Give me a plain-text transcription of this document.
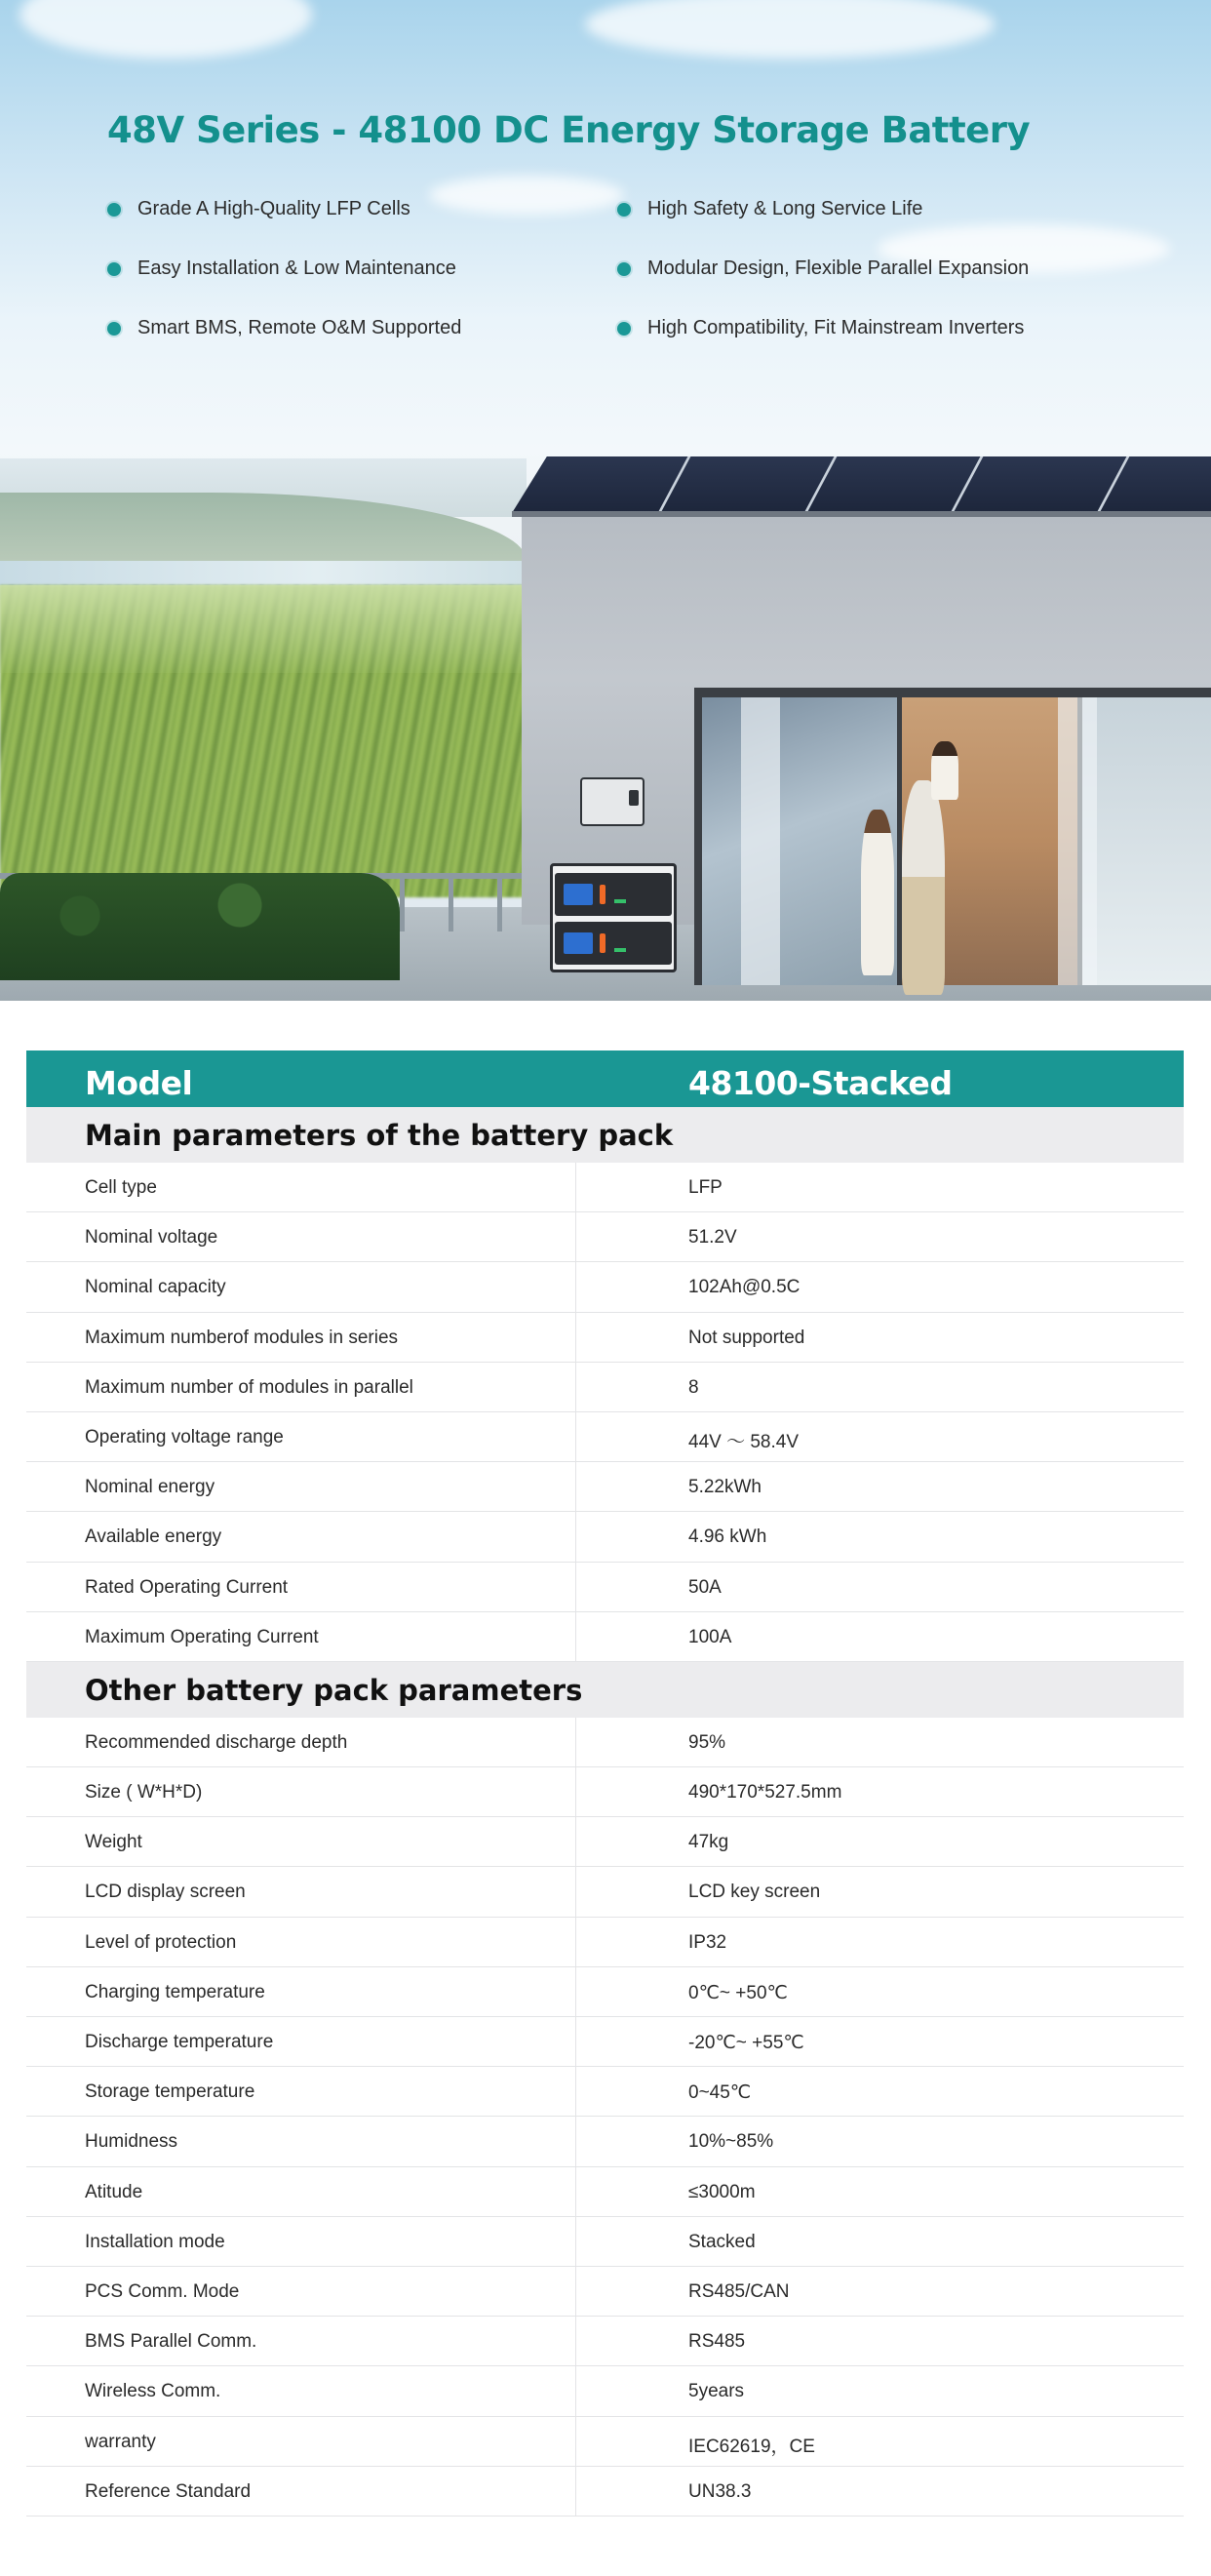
48V Series - 48100 DC Energy Storage Battery
Grade A High-Quality LFP Cells
Easy Installation & Low Maintenance
Smart BMS, Remote O&M Supported
High Safety & Long Service Life
Modular Design, Flexible Parallel Expansion
High Compatibility, Fit Mainstream Inverters
Model	48100-Stacked
Main parameters of the battery pack
Cell type	LFP
Nominal voltage	51.2V
Nominal capacity	102Ah@0.5C
Maximum numberof modules in series	Not supported
Maximum number of modules in parallel	8
Operating voltage range	44V ～ 58.4V
Nominal energy	5.22kWh
Available energy	4.96 kWh
Rated Operating Current	50A
Maximum Operating Current	100A
Other battery pack parameters
Recommended discharge depth	95%
Size ( W*H*D)	490*170*527.5mm
Weight	47kg
LCD display screen	LCD key screen
Level of protection	IP32
Charging temperature	0℃~ +50℃
Discharge temperature	-20℃~ +55℃
Storage temperature	0~45℃
Humidness	10%~85%
Atitude	≤3000m
Installation mode	Stacked
PCS Comm. Mode	RS485/CAN
BMS Parallel Comm.	RS485
Wireless Comm.	5years
warranty	IEC62619，CE
Reference Standard	UN38.3
